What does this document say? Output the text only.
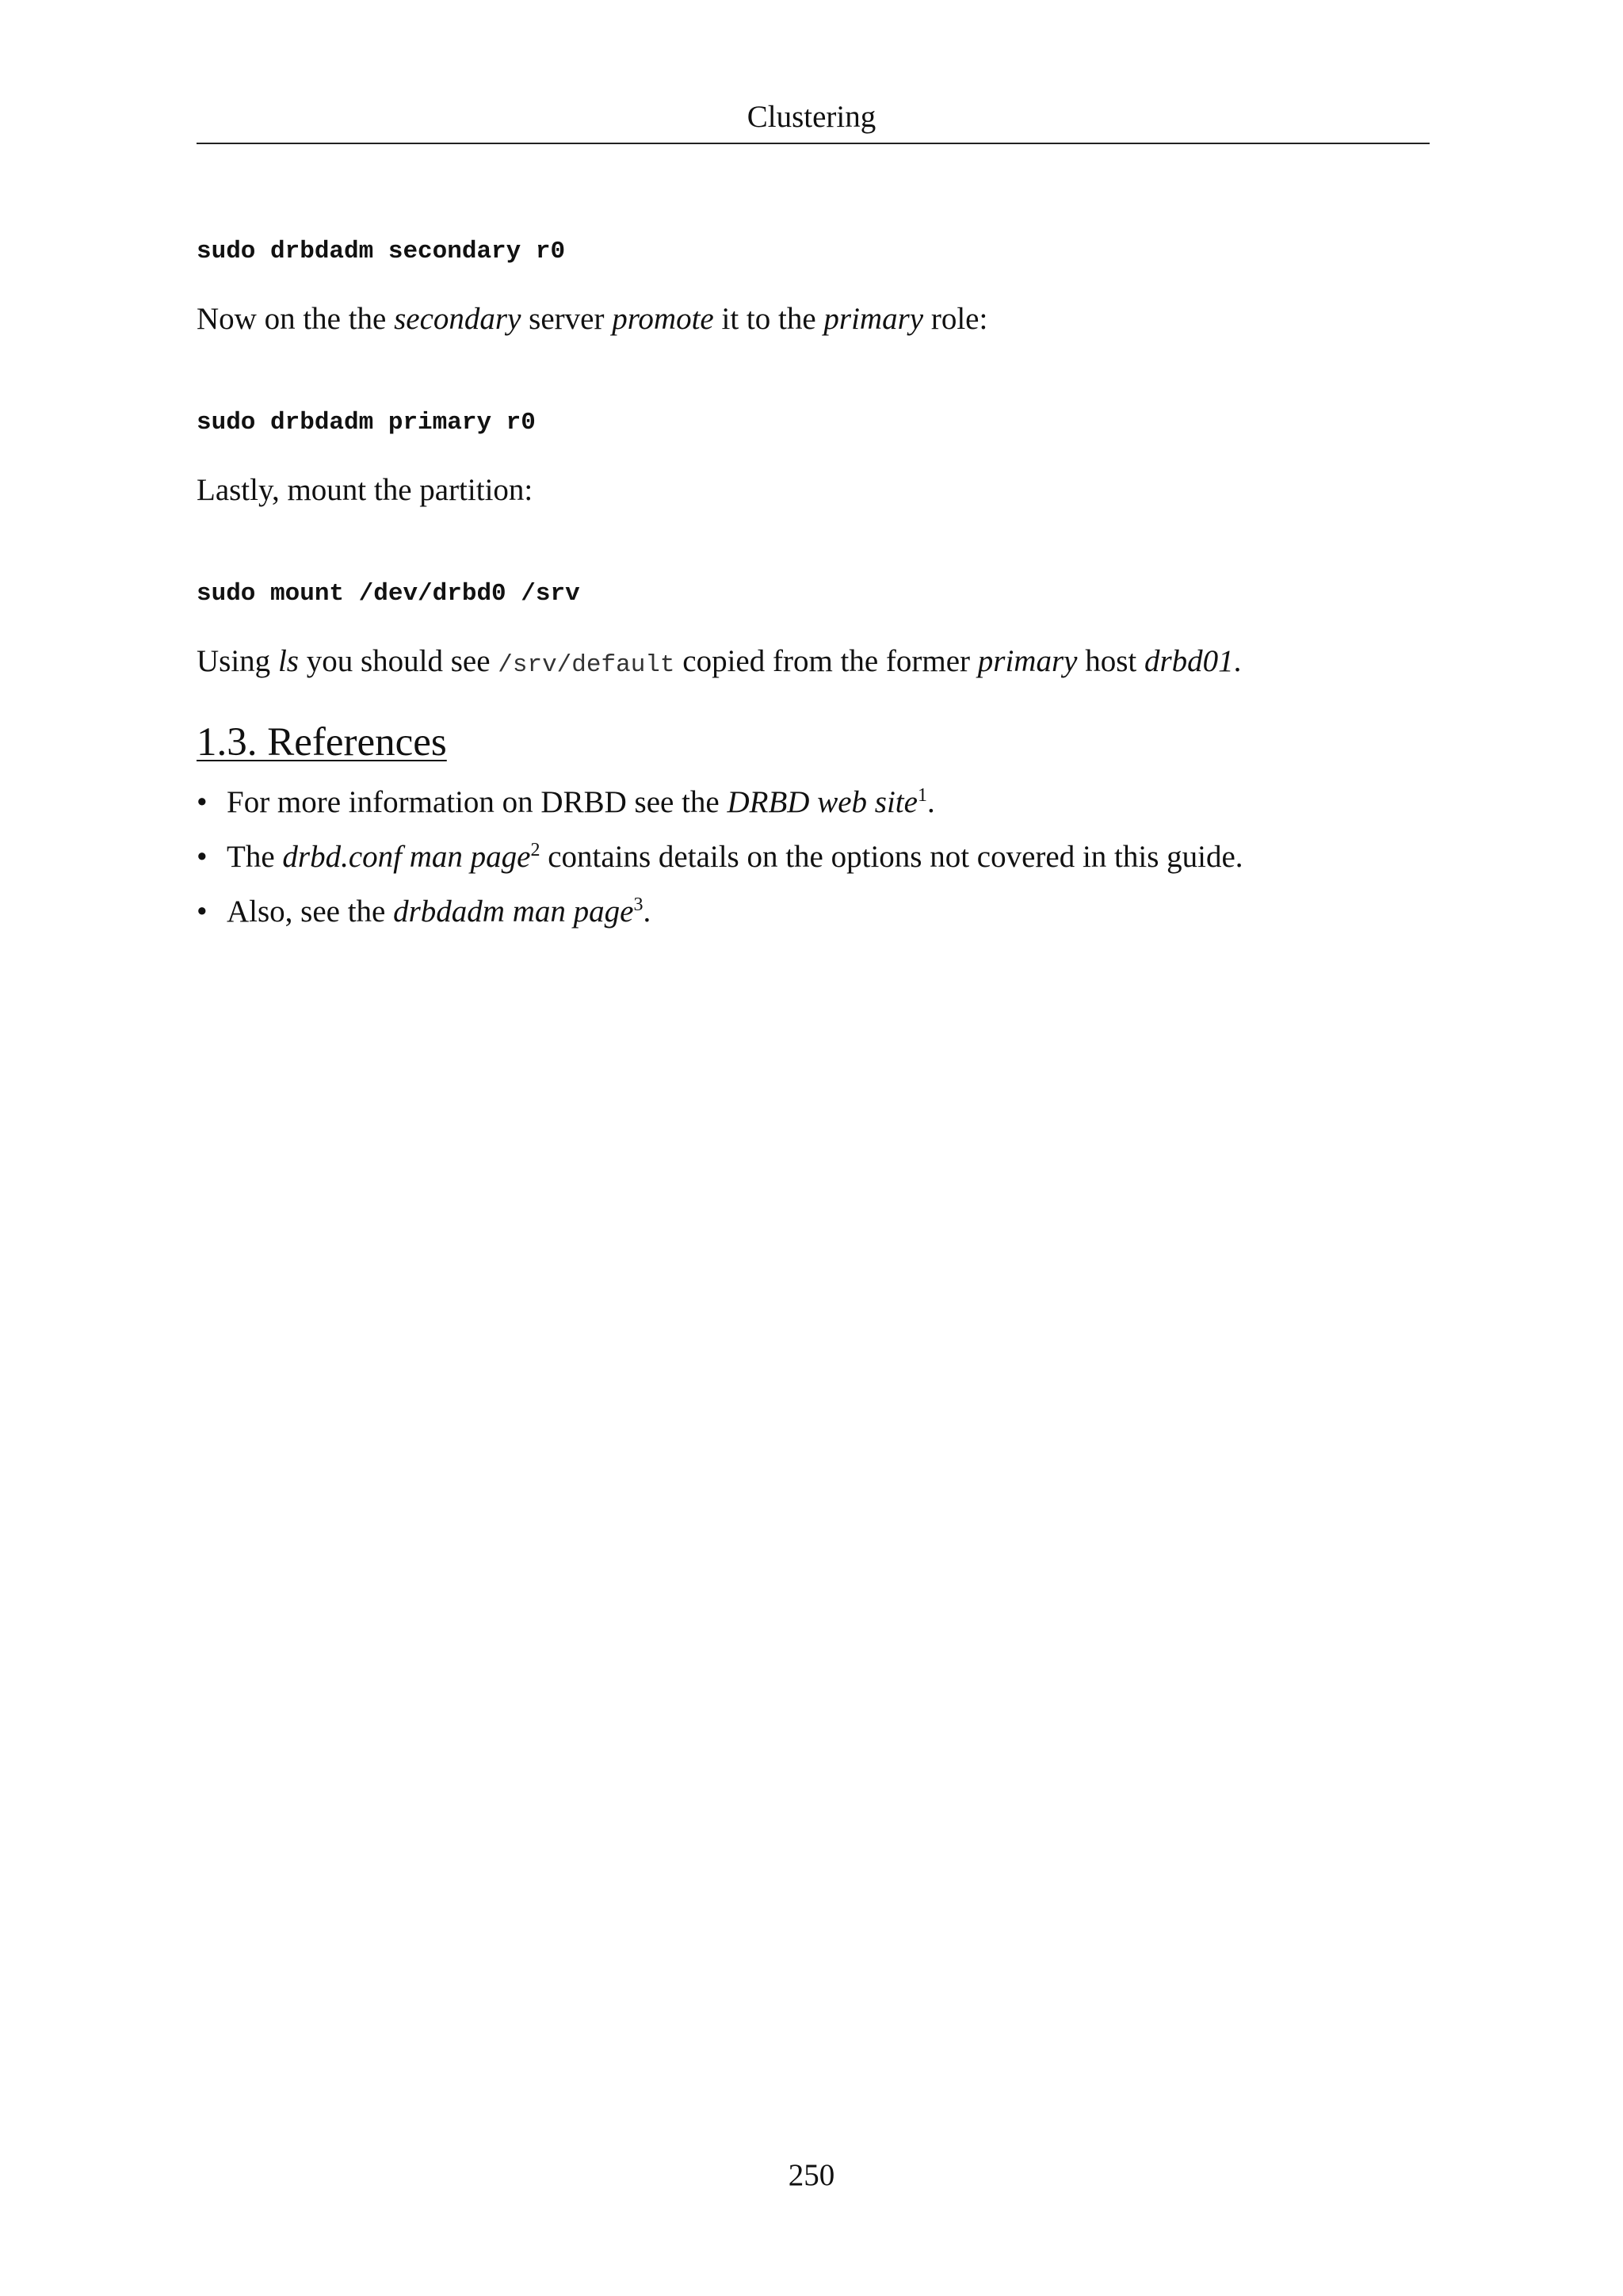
Clustering
sudo drbdadm secondary r0
Now on the the secondary server promote it to the primary role:
sudo drbdadm primary r0
Lastly, mount the partition:
sudo mount /dev/drbd0 /srv
Using ls you should see /srv/default copied from the former primary host drbd01.
1.3. References
• For more information on DRBD see the DRBD web site$^1$.
• The drbd.conf man page$^2$ contains details on the options not covered in this guide.
• Also, see the drbdadm man page$^3$.
250
